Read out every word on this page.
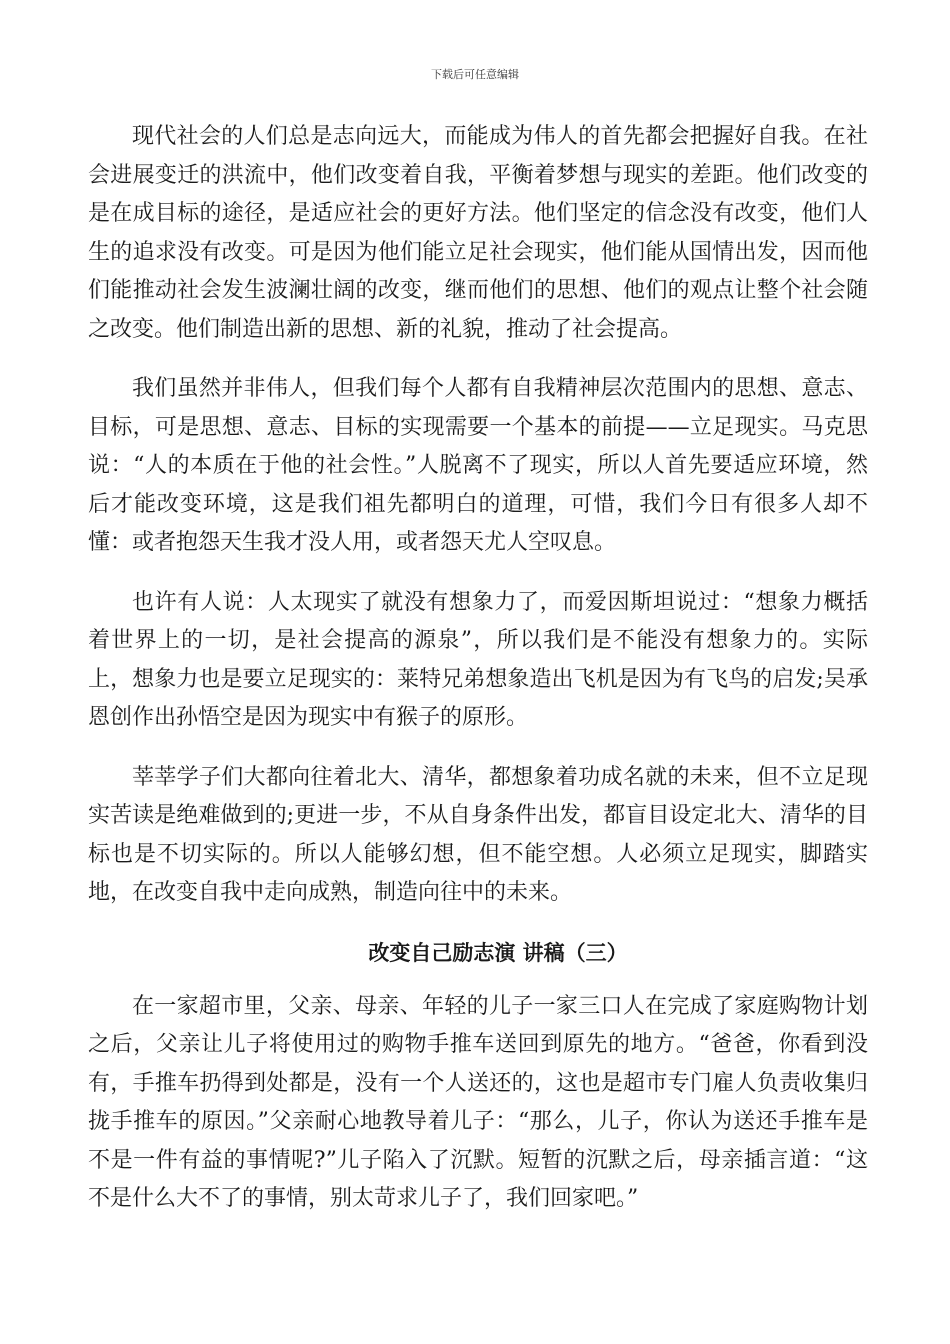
下载后可任意编辑

现代社会的人们总是志向远大，而能成为伟人的首先都会把握好自我。在社会进展变迁的洪流中，他们改变着自我，平衡着梦想与现实的差距。他们改变的是在成目标的途径，是适应社会的更好方法。他们坚定的信念没有改变，他们人生的追求没有改变。可是因为他们能立足社会现实，他们能从国情出发，因而他们能推动社会发生波澜壮阔的改变，继而他们的思想、他们的观点让整个社会随之改变。他们制造出新的思想、新的礼貌，推动了社会提高。

我们虽然并非伟人，但我们每个人都有自我精神层次范围内的思想、意志、目标，可是思想、意志、目标的实现需要一个基本的前提——立足现实。马克思说：“人的本质在于他的社会性。”人脱离不了现实，所以人首先要适应环境，然后才能改变环境，这是我们祖先都明白的道理，可惜，我们今日有很多人却不懂：或者抱怨天生我才没人用，或者怨天尤人空叹息。

也许有人说：人太现实了就没有想象力了，而爱因斯坦说过：“想象力概括着世界上的一切，是社会提高的源泉”，所以我们是不能没有想象力的。实际上，想象力也是要立足现实的：莱特兄弟想象造出飞机是因为有飞鸟的启发;吴承恩创作出孙悟空是因为现实中有猴子的原形。

莘莘学子们大都向往着北大、清华，都想象着功成名就的未来，但不立足现实苦读是绝难做到的;更进一步，不从自身条件出发，都盲目设定北大、清华的目标也是不切实际的。所以人能够幻想，但不能空想。人必须立足现实，脚踏实地，在改变自我中走向成熟，制造向往中的未来。

改变自己励志演 讲稿（三）

在一家超市里，父亲、母亲、年轻的儿子一家三口人在完成了家庭购物计划之后，父亲让儿子将使用过的购物手推车送回到原先的地方。“爸爸，你看到没有，手推车扔得到处都是，没有一个人送还的，这也是超市专门雇人负责收集归拢手推车的原因。”父亲耐心地教导着儿子：“那么，儿子，你认为送还手推车是不是一件有益的事情呢?”儿子陷入了沉默。短暂的沉默之后，母亲插言道：“这不是什么大不了的事情，别太苛求儿子了，我们回家吧。”
